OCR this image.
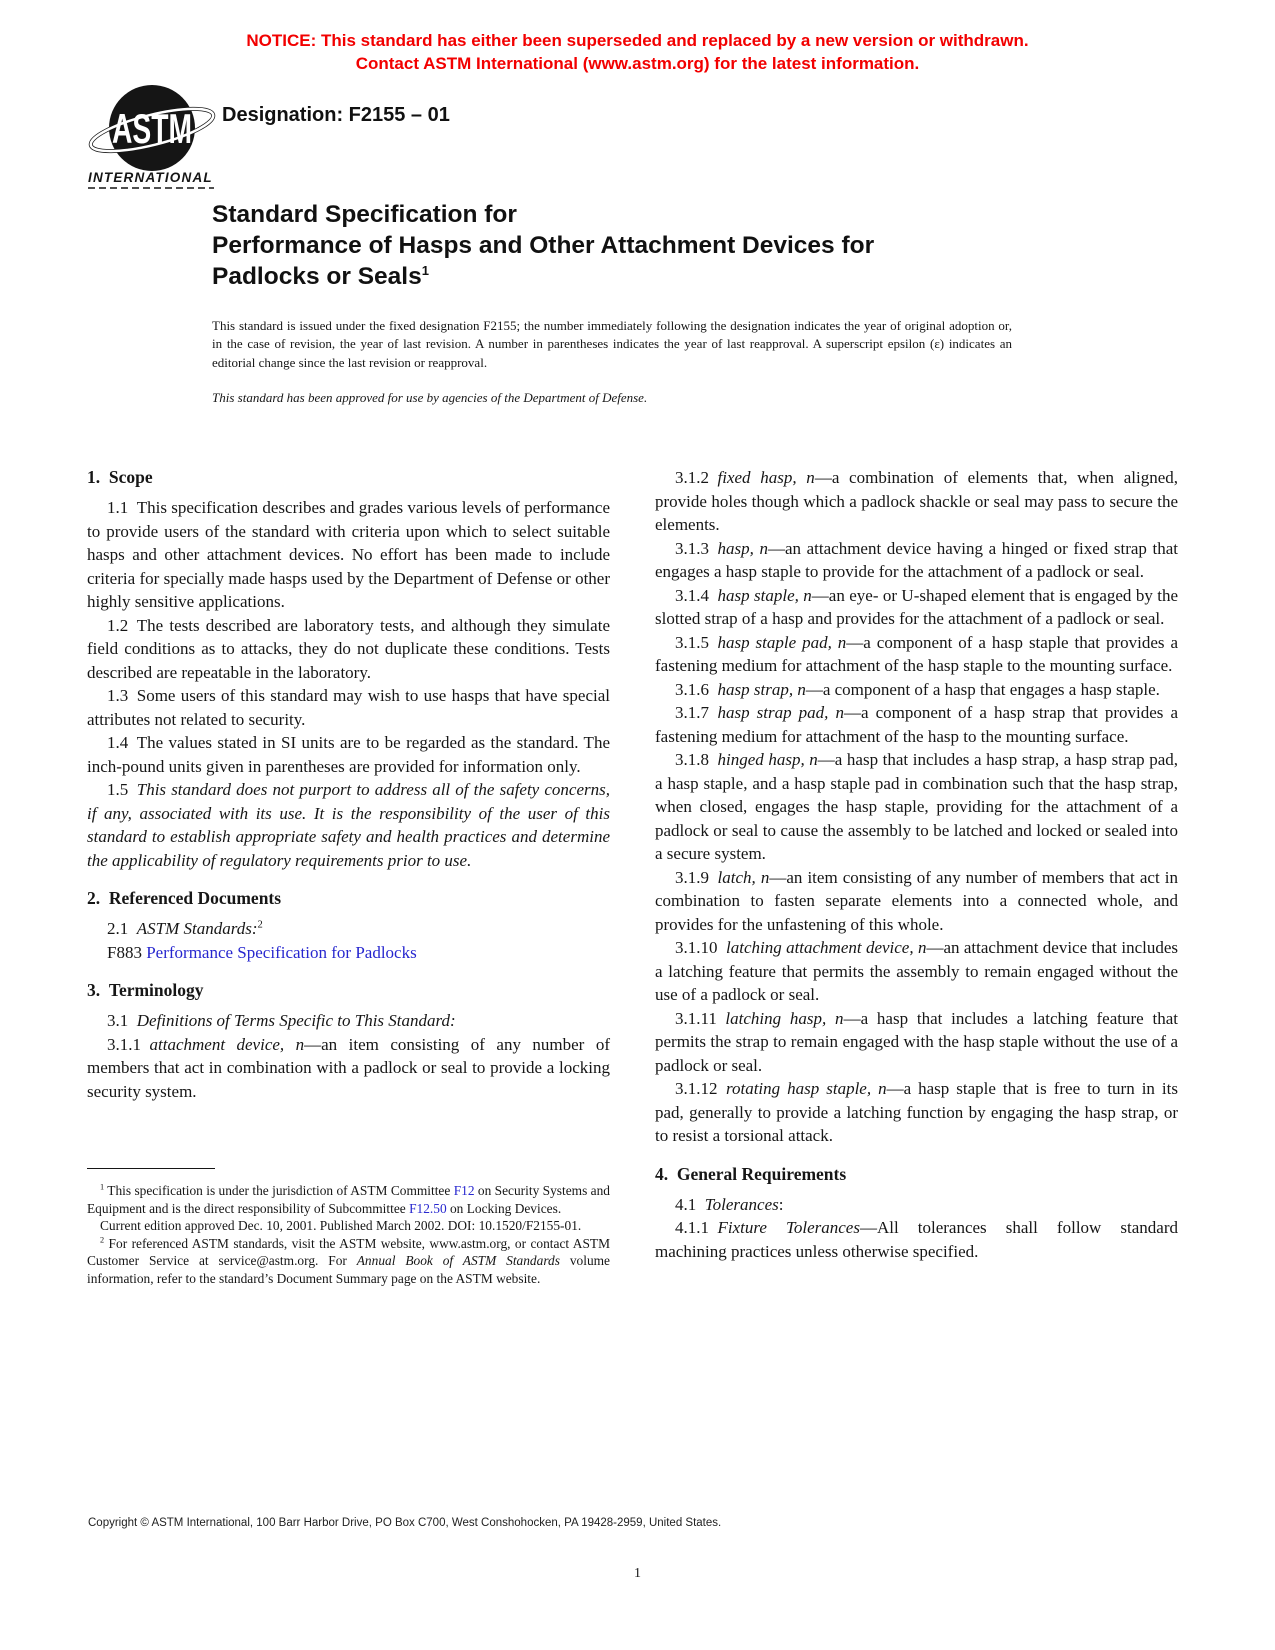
NOTICE: This standard has either been superseded and replaced by a new version or withdrawn.
Contact ASTM International (www.astm.org) for the latest information.
ASTM
INTERNATIONAL
Designation: F2155 – 01
Standard Specification for
Performance of Hasps and Other Attachment Devices for
Padlocks or Seals$^1$
This standard is issued under the fixed designation F2155; the number immediately following the designation indicates the year of original adoption or, in the case of revision, the year of last revision. A number in parentheses indicates the year of last reapproval. A superscript epsilon (ε) indicates an editorial change since the last revision or reapproval.
This standard has been approved for use by agencies of the Department of Defense.
1. Scope

1.1 This specification describes and grades various levels of performance to provide users of the standard with criteria upon which to select suitable hasps and other attachment devices. No effort has been made to include criteria for specially made hasps used by the Department of Defense or other highly sensitive applications.

1.2 The tests described are laboratory tests, and although they simulate field conditions as to attacks, they do not duplicate these conditions. Tests described are repeatable in the laboratory.

1.3 Some users of this standard may wish to use hasps that have special attributes not related to security.

1.4 The values stated in SI units are to be regarded as the standard. The inch-pound units given in parentheses are provided for information only.

1.5 This standard does not purport to address all of the safety concerns, if any, associated with its use. It is the responsibility of the user of this standard to establish appropriate safety and health practices and determine the applicability of regulatory requirements prior to use.

2. Referenced Documents

2.1 ASTM Standards:$^2$

F883 Performance Specification for Padlocks

3. Terminology

3.1 Definitions of Terms Specific to This Standard:

3.1.1 attachment device, n—an item consisting of any number of members that act in combination with a padlock or seal to provide a locking security system.

$^1$ This specification is under the jurisdiction of ASTM Committee F12 on Security Systems and Equipment and is the direct responsibility of Subcommittee F12.50 on Locking Devices.

Current edition approved Dec. 10, 2001. Published March 2002. DOI: 10.1520/F2155-01.

$^2$ For referenced ASTM standards, visit the ASTM website, www.astm.org, or contact ASTM Customer Service at service@astm.org. For Annual Book of ASTM Standards volume information, refer to the standard’s Document Summary page on the ASTM website.

3.1.2 fixed hasp, n—a combination of elements that, when aligned, provide holes though which a padlock shackle or seal may pass to secure the elements.

3.1.3 hasp, n—an attachment device having a hinged or fixed strap that engages a hasp staple to provide for the attachment of a padlock or seal.

3.1.4 hasp staple, n—an eye- or U-shaped element that is engaged by the slotted strap of a hasp and provides for the attachment of a padlock or seal.

3.1.5 hasp staple pad, n—a component of a hasp staple that provides a fastening medium for attachment of the hasp staple to the mounting surface.

3.1.6 hasp strap, n—a component of a hasp that engages a hasp staple.

3.1.7 hasp strap pad, n—a component of a hasp strap that provides a fastening medium for attachment of the hasp to the mounting surface.

3.1.8 hinged hasp, n—a hasp that includes a hasp strap, a hasp strap pad, a hasp staple, and a hasp staple pad in combination such that the hasp strap, when closed, engages the hasp staple, providing for the attachment of a padlock or seal to cause the assembly to be latched and locked or sealed into a secure system.

3.1.9 latch, n—an item consisting of any number of members that act in combination to fasten separate elements into a connected whole, and provides for the unfastening of this whole.

3.1.10 latching attachment device, n—an attachment device that includes a latching feature that permits the assembly to remain engaged without the use of a padlock or seal.

3.1.11 latching hasp, n—a hasp that includes a latching feature that permits the strap to remain engaged with the hasp staple without the use of a padlock or seal.

3.1.12 rotating hasp staple, n—a hasp staple that is free to turn in its pad, generally to provide a latching function by engaging the hasp strap, or to resist a torsional attack.

4. General Requirements

4.1 Tolerances:

4.1.1 Fixture Tolerances—All tolerances shall follow standard machining practices unless otherwise specified.

Copyright © ASTM International, 100 Barr Harbor Drive, PO Box C700, West Conshohocken, PA 19428-2959, United States.
1
